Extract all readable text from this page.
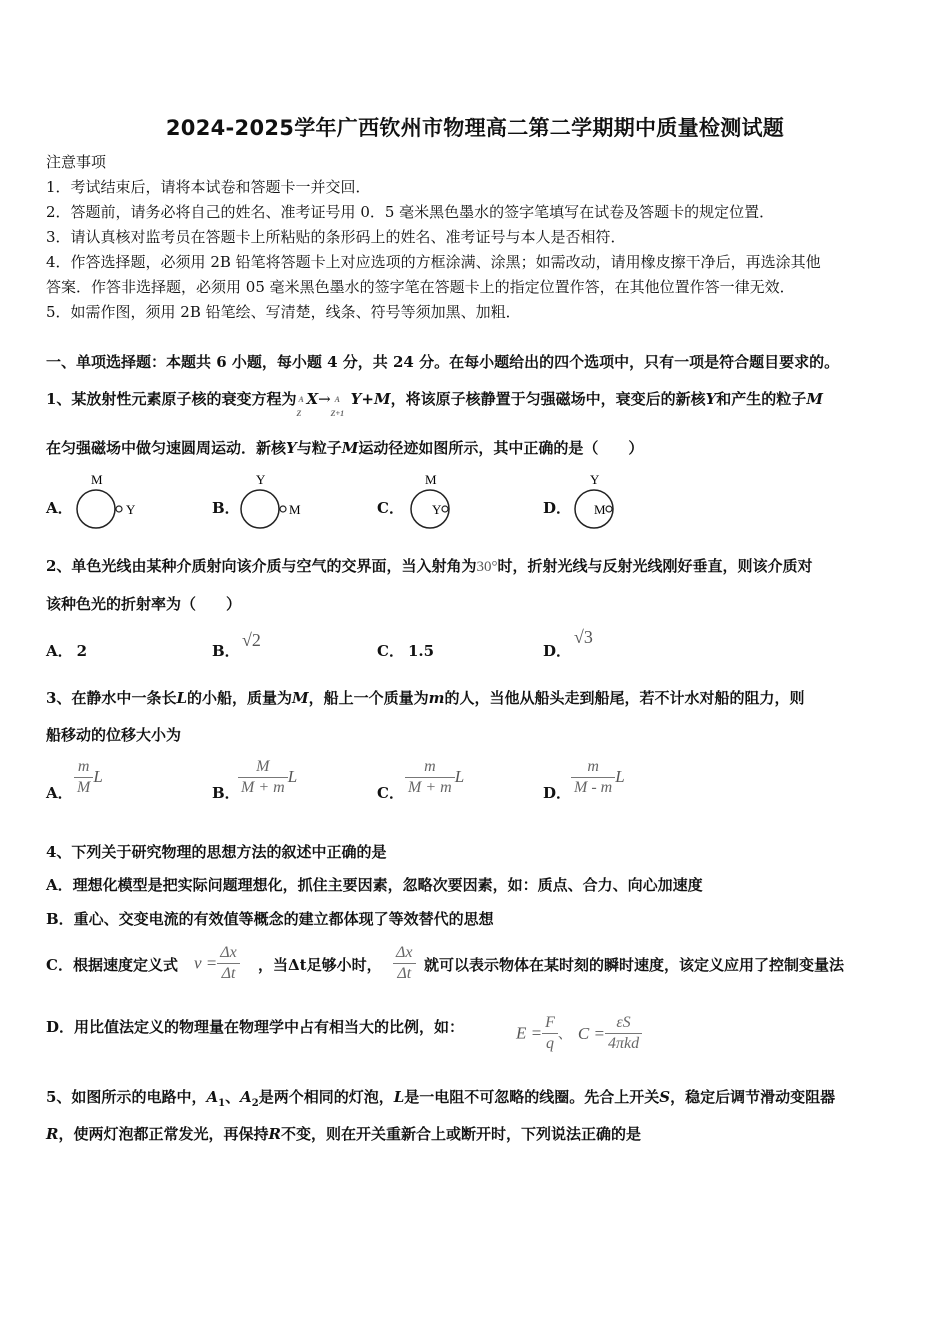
2024-2025学年广西钦州市物理高二第二学期期中质量检测试题
注意事项
1．考试结束后，请将本试卷和答题卡一并交回．
2．答题前，请务必将自己的姓名、准考证号用 0．5 毫米黑色墨水的签字笔填写在试卷及答题卡的规定位置．
3．请认真核对监考员在答题卡上所粘贴的条形码上的姓名、准考证号与本人是否相符．
4．作答选择题，必须用 2B 铅笔将答题卡上对应选项的方框涂满、涂黑；如需改动，请用橡皮擦干净后，再选涂其他
答案．作答非选择题，必须用 05 毫米黑色墨水的签字笔在答题卡上的指定位置作答，在其他位置作答一律无效．
5．如需作图，须用 2B 铅笔绘、写清楚，线条、符号等须加黑、加粗．
一、单项选择题：本题共 6 小题，每小题 4 分，共 24 分。在每小题给出的四个选项中，只有一项是符合题目要求的。
1、某放射性元素原子核的衰变方程为 A
Z
X→ A
Z+1
Y+M，将该原子核静置于匀强磁场中，衰变后的新核Y和产生的粒子M
在匀强磁场中做匀速圆周运动．新核Y与粒子M运动径迹如图所示，其中正确的是（　　）
A．
M
Y	B．
Y
M	C．
M
Y	D．
Y
M
2、单色光线由某种介质射向该介质与空气的交界面，当入射角为30°时，折射光线与反射光线刚好垂直，则该介质对
该种色光的折射率为（　　）
A． 2	B．
√2
C． 1.5	D．
√3
3、在静水中一条长L的小船，质量为M，船上一个质量为m的人，当他从船头走到船尾，若不计水对船的阻力，则
船移动的位移大小为
A． $\frac{m}{M}$ L
B．
$\frac{M}{M + m}$ L
C． $\frac{m}{M + m}$ L
D． $\frac{m}{M - m}$ L
4、下列关于研究物理的思想方法的叙述中正确的是
A．理想化模型是把实际问题理想化，抓住主要因素，忽略次要因素，如：质点、合力、向心加速度
B．重心、交变电流的有效值等概念的建立都体现了等效替代的思想
C．根据速度定义式 $v = \frac{\Delta x}{\Delta t}$ ，当Δt足够小时， $\frac{\Delta x}{\Delta t}$ 就可以表示物体在某时刻的瞬时速度，该定义应用了控制变量法
D．用比值法定义的物理量在物理学中占有相当大的比例，如：	$E = \frac{F}{q}$ 、 $C = \frac{\varepsilon S}{\text{4πkd}}$
5、如图所示的电路中，$A_1$、$A_2$是两个相同的灯泡，L是一电阻不可忽略的线圈。先合上开关S，稳定后调节滑动变阻器
R，使两灯泡都正常发光，再保持R不变，则在开关重新合上或断开时，下列说法正确的是
